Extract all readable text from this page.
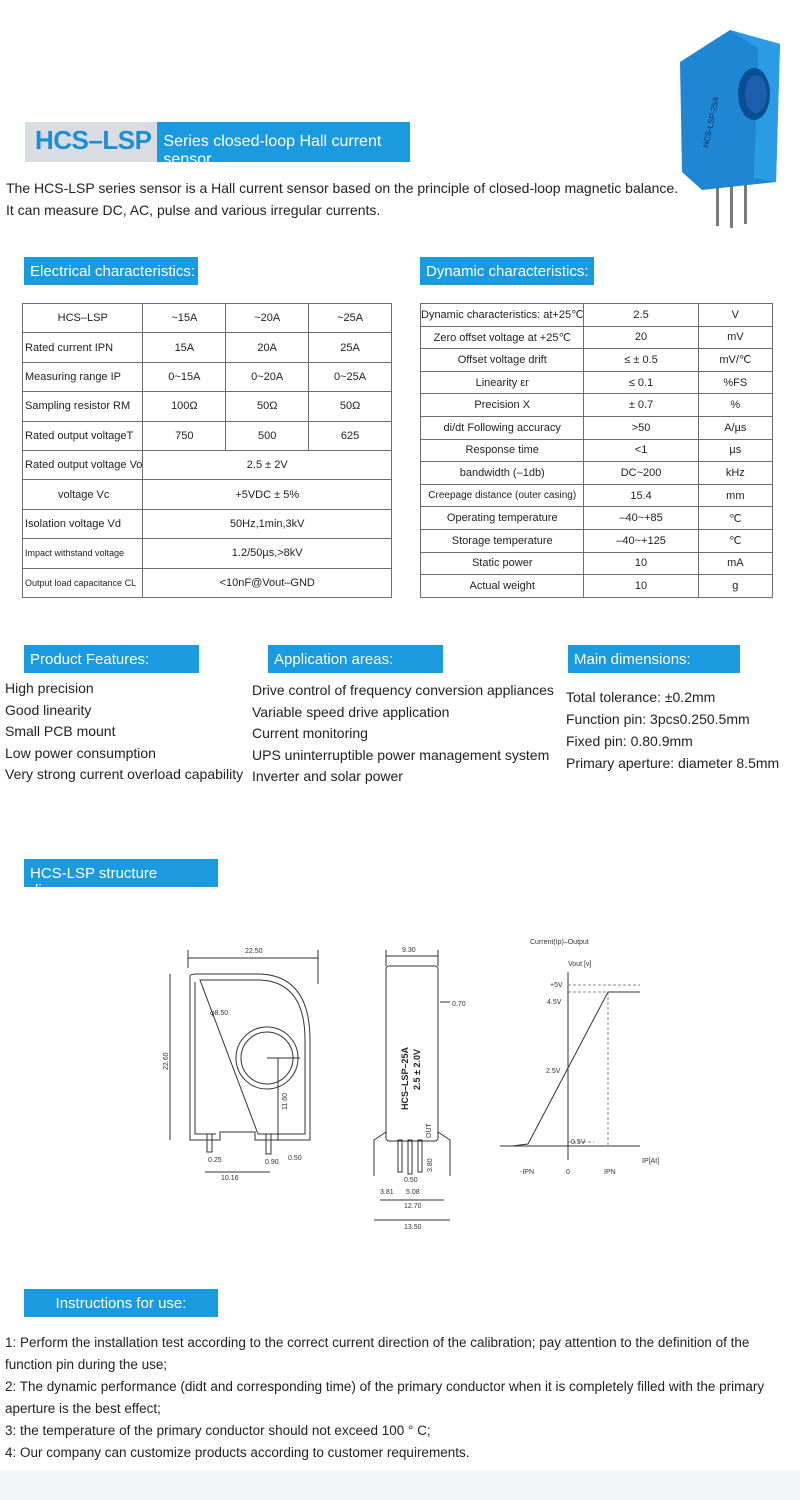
HCS–LSP Series closed-loop Hall current sensor
HCS-LSP-25A
The HCS-LSP series sensor is a Hall current sensor based on the principle of closed-loop magnetic balance. It can measure DC, AC, pulse and various irregular currents.
Electrical characteristics:	Dynamic characteristics:
HCS–LSP	~15A	~20A	~25A
Rated current IPN	15A	20A	25A
Measuring range IP	0~15A	0~20A	0~25A
Sampling resistor RM	100Ω	50Ω	50Ω
Rated output voltageT	750	500	625
Rated output voltage Vo	2.5 ± 2V		
voltage Vc	+5VDC ± 5%		
Isolation voltage Vd	50Hz,1min,3kV		
Impact withstand voltage	1.2/50µs,>8kV		
Output load capacitance CL	<10nF@Vout–GND		
Dynamic characteristics: at+25℃	2.5	V
Zero offset voltage at +25℃	20	mV
Offset voltage drift	≤ ± 0.5	mV/℃
Linearity εr	≤ 0.1	%FS
Precision X	± 0.7	%
di/dt Following accuracy	>50	A/µs
Response time	<1	µs
bandwidth (–1db)	DC~200	kHz
Creepage distance (outer casing)	15.4	mm
Operating temperature	–40~+85	℃
Storage temperature	–40~+125	℃
Static power	10	mA
Actual weight	10	g
Product Features:	Application areas:	Main dimensions:
High precision
Good linearity
Small PCB mount
Low power consumption
Very strong current overload capability
Drive control of frequency conversion appliances
Variable speed drive application
Current monitoring
UPS uninterruptible power management system
Inverter and solar power
Total tolerance: ±0.2mm
Function pin: 3pcs0.250.5mm
Fixed pin: 0.80.9mm
Primary aperture: diameter 8.5mm
HCS-LSP structure diagram:
22.50
φ8.50
22.60
11.60
0.25
10.16
0.90
0.50
9.30
0.70
HCS–LSP–25A 2.5 ± 2.0V
OUT
3.80
0.50
3.81 5.08
12.70
13.50
Current(Ip)–Output
Vout [v]
+5V
4.5V
2.5V
0.5V
IP[At]
-IPN	0	IPN
Instructions for use:
1: Perform the installation test according to the correct current direction of the calibration; pay attention to the definition of the function pin during the use;
2: The dynamic performance (didt and corresponding time) of the primary conductor when it is completely filled with the primary aperture is the best effect;
3: the temperature of the primary conductor should not exceed 100 ° C;
4: Our company can customize products according to customer requirements.
